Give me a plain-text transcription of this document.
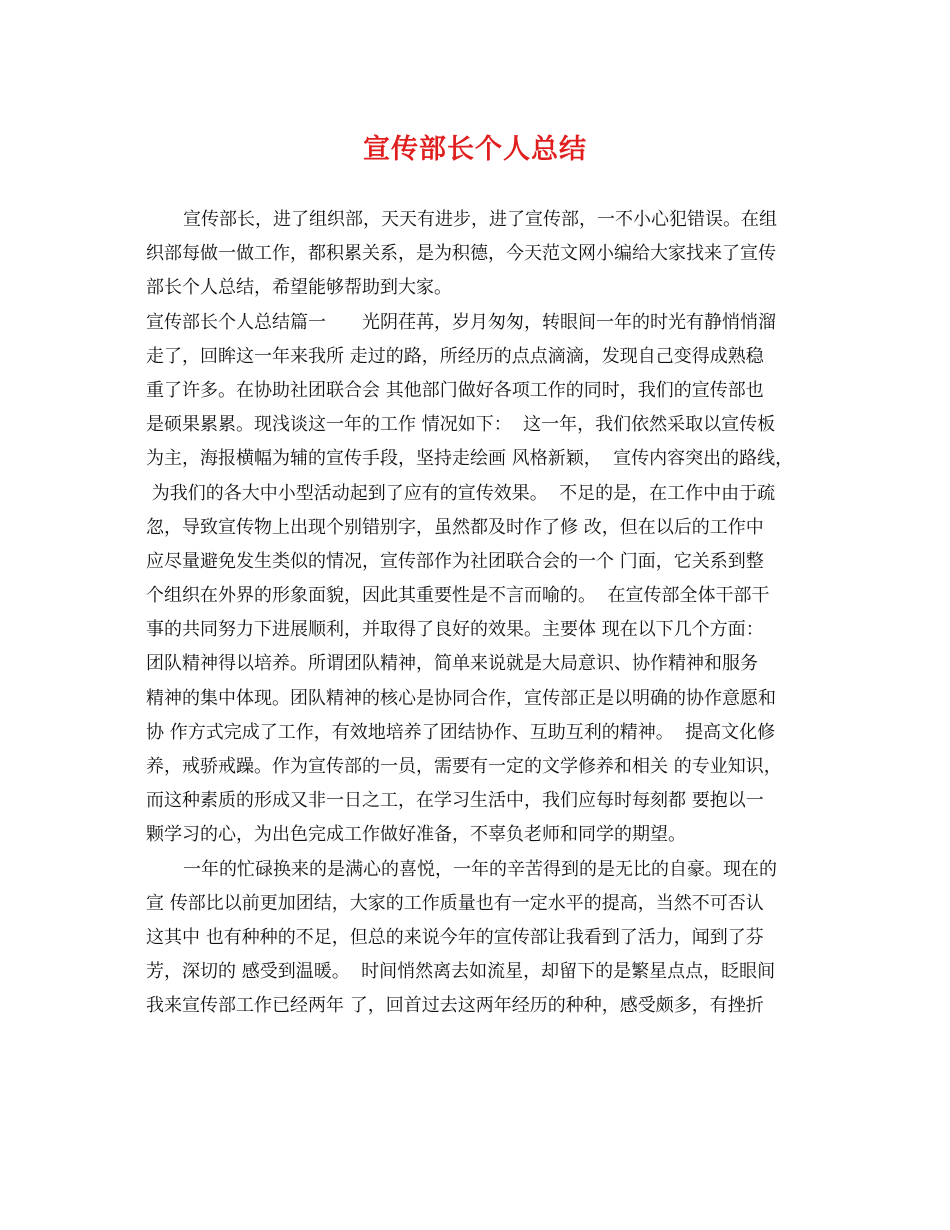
宣传部长个人总结
宣传部长，进了组织部，天天有进步，进了宣传部，一不小心犯错误。在组
织部每做一做工作，都积累关系，是为积德，今天范文网小编给大家找来了宣传
部长个人总结，希望能够帮助到大家。
宣传部长个人总结篇一　　光阴荏苒，岁月匆匆，转眼间一年的时光有静悄悄溜
走了，回眸这一年来我所 走过的路，所经历的点点滴滴，发现自己变得成熟稳
重了许多。在协助社团联合会 其他部门做好各项工作的同时，我们的宣传部也
是硕果累累。现浅谈这一年的工作 情况如下：  这一年，我们依然采取以宣传板
为主，海报横幅为辅的宣传手段，坚持走绘画 风格新颖，  宣传内容突出的路线，
为我们的各大中小型活动起到了应有的宣传效果。  不足的是，在工作中由于疏
忽，导致宣传物上出现个别错别字，虽然都及时作了修 改，但在以后的工作中
应尽量避免发生类似的情况，宣传部作为社团联合会的一个 门面，它关系到整
个组织在外界的形象面貌，因此其重要性是不言而喻的。  在宣传部全体干部干
事的共同努力下进展顺利，并取得了良好的效果。主要体 现在以下几个方面：
团队精神得以培养。所谓团队精神，简单来说就是大局意识、协作精神和服务
精神的集中体现。团队精神的核心是协同合作，宣传部正是以明确的协作意愿和
协 作方式完成了工作，有效地培养了团结协作、互助互利的精神。  提高文化修
养，戒骄戒躁。作为宣传部的一员，需要有一定的文学修养和相关 的专业知识，
而这种素质的形成又非一日之工，在学习生活中，我们应每时每刻都 要抱以一
颗学习的心，为出色完成工作做好准备，不辜负老师和同学的期望。
一年的忙碌换来的是满心的喜悦，一年的辛苦得到的是无比的自豪。现在的
宣 传部比以前更加团结，大家的工作质量也有一定水平的提高，当然不可否认
这其中 也有种种的不足，但总的来说今年的宣传部让我看到了活力，闻到了芬
芳，深切的 感受到温暖。  时间悄然离去如流星，却留下的是繁星点点，眨眼间
我来宣传部工作已经两年 了，回首过去这两年经历的种种，感受颇多，有挫折
